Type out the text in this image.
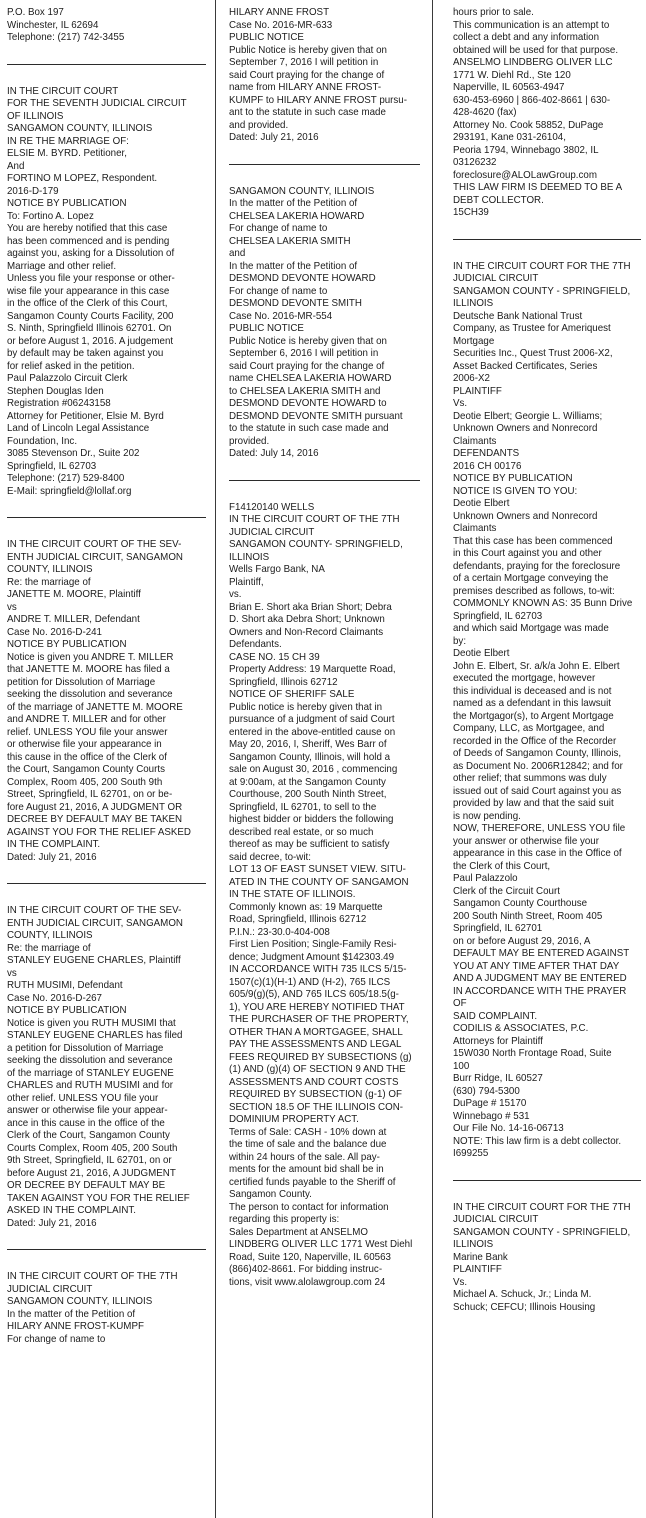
P.O. Box 197
Winchester, IL 62694
Telephone: (217) 742-3455
IN THE CIRCUIT COURT
FOR THE SEVENTH JUDICIAL CIRCUIT
OF ILLINOIS
SANGAMON COUNTY, ILLINOIS
IN RE THE MARRIAGE OF:
ELSIE M. BYRD. Petitioner,
And
FORTINO M LOPEZ, Respondent.
2016-D-179
NOTICE BY PUBLICATION
To: Fortino A. Lopez
You are hereby notified that this case
has been commenced and is pending
against you, asking for a Dissolution of
Marriage and other relief.
Unless you file your response or other-
wise file your appearance in this case
in the office of the Clerk of this Court,
Sangamon County Courts Facility, 200
S. Ninth, Springfield Illinois 62701. On
or before August 1, 2016. A judgement
by default may be taken against you
for relief asked in the petition.
Paul Palazzolo Circuit Clerk
Stephen Douglas Iden
Registration #06243158
Attorney for Petitioner, Elsie M. Byrd
Land of Lincoln Legal Assistance
Foundation, Inc.
3085 Stevenson Dr., Suite 202
Springfield, IL 62703
Telephone: (217) 529-8400
E-Mail: springfield@lollaf.org
IN THE CIRCUIT COURT OF THE SEV-
ENTH JUDICIAL CIRCUIT, SANGAMON
COUNTY, ILLINOIS
Re: the marriage of
JANETTE M. MOORE, Plaintiff
vs
ANDRE T. MILLER, Defendant
Case No. 2016-D-241
NOTICE BY PUBLICATION
Notice is given you ANDRE T. MILLER
that JANETTE M. MOORE has filed a
petition for Dissolution of Marriage
seeking the dissolution and severance
of the marriage of JANETTE M. MOORE
and ANDRE T. MILLER and for other
relief. UNLESS YOU file your answer
or otherwise file your appearance in
this cause in the office of the Clerk of
the Court, Sangamon County Courts
Complex, Room 405, 200 South 9th
Street, Springfield, IL 62701, on or be-
fore August 21, 2016, A JUDGMENT OR
DECREE BY DEFAULT MAY BE TAKEN
AGAINST YOU FOR THE RELIEF ASKED
IN THE COMPLAINT.
Dated: July 21, 2016
IN THE CIRCUIT COURT OF THE SEV-
ENTH JUDICIAL CIRCUIT, SANGAMON
COUNTY, ILLINOIS
Re: the marriage of
STANLEY EUGENE CHARLES, Plaintiff
vs
RUTH MUSIMI, Defendant
Case No. 2016-D-267
NOTICE BY PUBLICATION
Notice is given you RUTH MUSIMI that
STANLEY EUGENE CHARLES has filed
a petition for Dissolution of Marriage
seeking the dissolution and severance
of the marriage of STANLEY EUGENE
CHARLES and RUTH MUSIMI and for
other relief. UNLESS YOU file your
answer or otherwise file your appear-
ance in this cause in the office of the
Clerk of the Court, Sangamon County
Courts Complex, Room 405, 200 South
9th Street, Springfield, IL 62701, on or
before August 21, 2016, A JUDGMENT
OR DECREE BY DEFAULT MAY BE
TAKEN AGAINST YOU FOR THE RELIEF
ASKED IN THE COMPLAINT.
Dated: July 21, 2016
IN THE CIRCUIT COURT OF THE 7TH
JUDICIAL CIRCUIT
SANGAMON COUNTY, ILLINOIS
In the matter of the Petition of
HILARY ANNE FROST-KUMPF
For change of name to
HILARY ANNE FROST
Case No. 2016-MR-633
PUBLIC NOTICE
Public Notice is hereby given that on
September 7, 2016 I will petition in
said Court praying for the change of
name from HILARY ANNE FROST-
KUMPF to HILARY ANNE FROST pursu-
ant to the statute in such case made
and provided.
Dated: July 21, 2016
SANGAMON COUNTY, ILLINOIS
In the matter of the Petition of
CHELSEA LAKERIA HOWARD
For change of name to
CHELSEA LAKERIA SMITH
and
In the matter of the Petition of
DESMOND DEVONTE HOWARD
For change of name to
DESMOND DEVONTE SMITH
Case No. 2016-MR-554
PUBLIC NOTICE
Public Notice is hereby given that on
September 6, 2016 I will petition in
said Court praying for the change of
name CHELSEA LAKERIA HOWARD
to CHELSEA LAKERIA SMITH and
DESMOND DEVONTE HOWARD to
DESMOND DEVONTE SMITH pursuant
to the statute in such case made and
provided.
Dated: July 14, 2016
F14120140 WELLS
IN THE CIRCUIT COURT OF THE 7TH
JUDICIAL CIRCUIT
SANGAMON COUNTY- SPRINGFIELD,
ILLINOIS
Wells Fargo Bank, NA
Plaintiff,
vs.
Brian E. Short aka Brian Short; Debra
D. Short aka Debra Short; Unknown
Owners and Non-Record Claimants
Defendants.
CASE NO. 15 CH 39
Property Address: 19 Marquette Road,
Springfield, Illinois 62712
NOTICE OF SHERIFF SALE
Public notice is hereby given that in
pursuance of a judgment of said Court
entered in the above-entitled cause on
May 20, 2016, I, Sheriff, Wes Barr of
Sangamon County, Illinois, will hold a
sale on August 30, 2016 , commencing
at 9:00am, at the Sangamon County
Courthouse, 200 South Ninth Street,
Springfield, IL 62701, to sell to the
highest bidder or bidders the following
described real estate, or so much
thereof as may be sufficient to satisfy
said decree, to-wit:
LOT 13 OF EAST SUNSET VIEW. SITU-
ATED IN THE COUNTY OF SANGAMON
IN THE STATE OF ILLINOIS.
Commonly known as: 19 Marquette
Road, Springfield, Illinois 62712
P.I.N.: 23-30.0-404-008
First Lien Position; Single-Family Resi-
dence; Judgment Amount $142303.49
IN ACCORDANCE WITH 735 ILCS 5/15-
1507(c)(1)(H-1) AND (H-2), 765 ILCS
605/9(g)(5), AND 765 ILCS 605/18.5(g-
1), YOU ARE HEREBY NOTIFIED THAT
THE PURCHASER OF THE PROPERTY,
OTHER THAN A MORTGAGEE, SHALL
PAY THE ASSESSMENTS AND LEGAL
FEES REQUIRED BY SUBSECTIONS (g)
(1) AND (g)(4) OF SECTION 9 AND THE
ASSESSMENTS AND COURT COSTS
REQUIRED BY SUBSECTION (g-1) OF
SECTION 18.5 OF THE ILLINOIS CON-
DOMINIUM PROPERTY ACT.
Terms of Sale: CASH - 10% down at
the time of sale and the balance due
within 24 hours of the sale. All pay-
ments for the amount bid shall be in
certified funds payable to the Sheriff of
Sangamon County.
The person to contact for information
regarding this property is:
Sales Department at ANSELMO
LINDBERG OLIVER LLC 1771 West Diehl
Road, Suite 120, Naperville, IL 60563
(866)402-8661. For bidding instruc-
tions, visit www.alolawgroup.com 24
hours prior to sale.
This communication is an attempt to
collect a debt and any information
obtained will be used for that purpose.
ANSELMO LINDBERG OLIVER LLC
1771 W. Diehl Rd., Ste 120
Naperville, IL 60563-4947
630-453-6960 | 866-402-8661 | 630-
428-4620 (fax)
Attorney No. Cook 58852, DuPage
293191, Kane 031-26104,
Peoria 1794, Winnebago 3802, IL
03126232
foreclosure@ALOLawGroup.com
THIS LAW FIRM IS DEEMED TO BE A
DEBT COLLECTOR.
15CH39
IN THE CIRCUIT COURT FOR THE 7TH
JUDICIAL CIRCUIT
SANGAMON COUNTY - SPRINGFIELD,
ILLINOIS
Deutsche Bank National Trust
Company, as Trustee for Ameriquest
Mortgage
Securities Inc., Quest Trust 2006-X2,
Asset Backed Certificates, Series
2006-X2
PLAINTIFF
Vs.
Deotie Elbert; Georgie L. Williams;
Unknown Owners and Nonrecord
Claimants
DEFENDANTS
2016 CH 00176
NOTICE BY PUBLICATION
NOTICE IS GIVEN TO YOU:
Deotie Elbert
Unknown Owners and Nonrecord
Claimants
That this case has been commenced
in this Court against you and other
defendants, praying for the foreclosure
of a certain Mortgage conveying the
premises described as follows, to-wit:
COMMONLY KNOWN AS: 35 Bunn Drive
Springfield, IL 62703
and which said Mortgage was made
by:
Deotie Elbert
John E. Elbert, Sr. a/k/a John E. Elbert
executed the mortgage, however
this individual is deceased and is not
named as a defendant in this lawsuit
the Mortgagor(s), to Argent Mortgage
Company, LLC, as Mortgagee, and
recorded in the Office of the Recorder
of Deeds of Sangamon County, Illinois,
as Document No. 2006R12842; and for
other relief; that summons was duly
issued out of said Court against you as
provided by law and that the said suit
is now pending.
NOW, THEREFORE, UNLESS YOU file
your answer or otherwise file your
appearance in this case in the Office of
the Clerk of this Court,
Paul Palazzolo
Clerk of the Circuit Court
Sangamon County Courthouse
200 South Ninth Street, Room 405
Springfield, IL 62701
on or before August 29, 2016, A
DEFAULT MAY BE ENTERED AGAINST
YOU AT ANY TIME AFTER THAT DAY
AND A JUDGMENT MAY BE ENTERED
IN ACCORDANCE WITH THE PRAYER OF
SAID COMPLAINT.
CODILIS & ASSOCIATES, P.C.
Attorneys for Plaintiff
15W030 North Frontage Road, Suite
100
Burr Ridge, IL 60527
(630) 794-5300
DuPage # 15170
Winnebago # 531
Our File No. 14-16-06713
NOTE: This law firm is a debt collector.
I699255
IN THE CIRCUIT COURT FOR THE 7TH
JUDICIAL CIRCUIT
SANGAMON COUNTY - SPRINGFIELD,
ILLINOIS
Marine Bank
PLAINTIFF
Vs.
Michael A. Schuck, Jr.; Linda M.
Schuck; CEFCU; Illinois Housing
